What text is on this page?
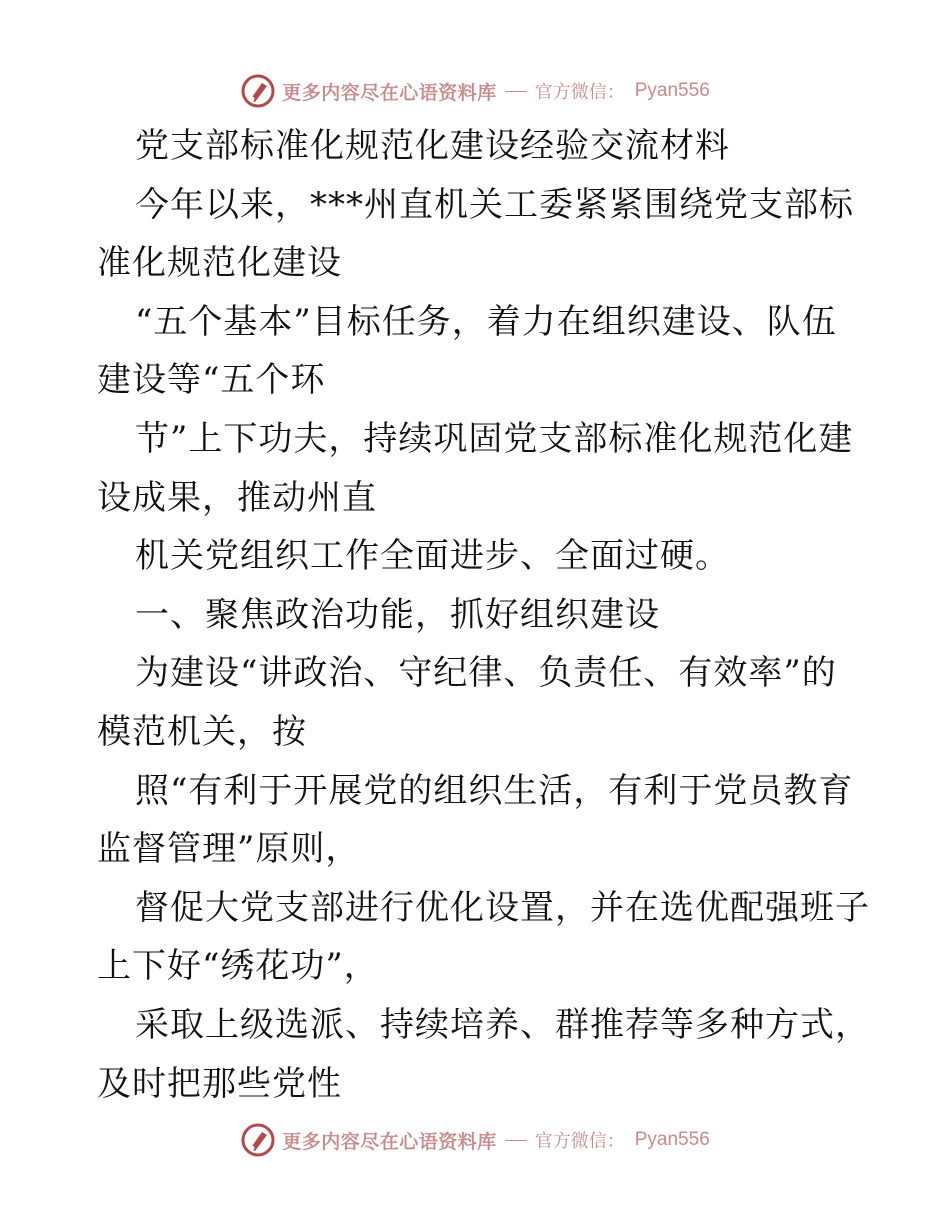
更多内容尽在心语资料库 官方微信： Pyan556
党支部标准化规范化建设经验交流材料
今年以来，***州直机关工委紧紧围绕党支部标
准化规范化建设
“五个基本”目标任务，着力在组织建设、队伍
建设等“五个环
节”上下功夫，持续巩固党支部标准化规范化建
设成果，推动州直
机关党组织工作全面进步、全面过硬。
一、聚焦政治功能，抓好组织建设
为建设“讲政治、守纪律、负责任、有效率”的
模范机关，按
照“有利于开展党的组织生活，有利于党员教育
监督管理”原则，
督促大党支部进行优化设置，并在选优配强班子
上下好“绣花功”，
采取上级选派、持续培养、群推荐等多种方式，
及时把那些党性
更多内容尽在心语资料库 官方微信： Pyan556
